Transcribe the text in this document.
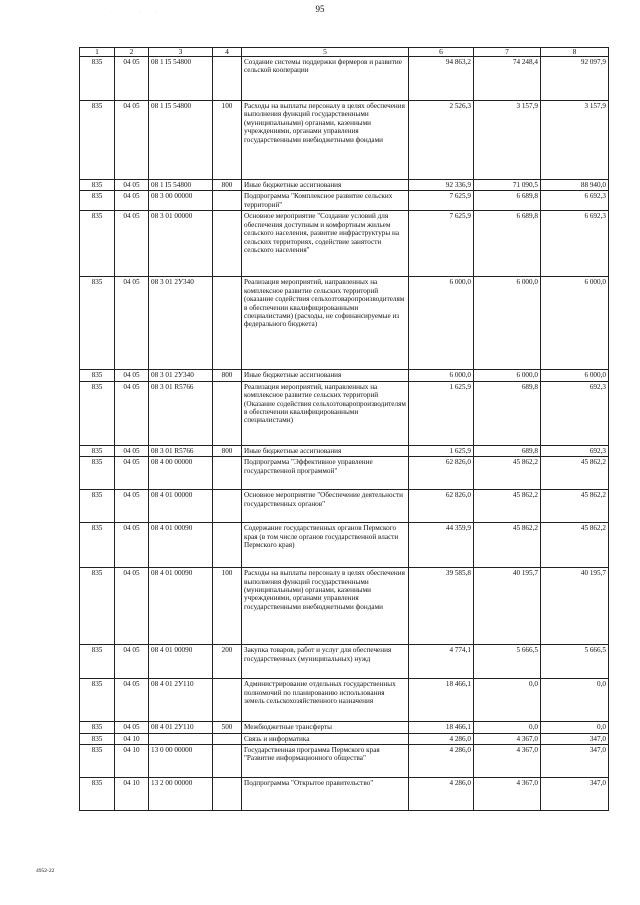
· · · ·	95
1	2	3	4	5	6	7	8
835	04 05	08 1 I5 54800		Создание системы поддержки фермеров и развитие сельской кооперации	94 863,2	74 248,4	92 097,9
835	04 05	08 1 I5 54800	100	Расходы на выплаты персоналу в целях обеспечения выполнения функций государственными (муниципальными) органами, казенными учреждениями, органами управления государственными внебюджетными фондами	2 526,3	3 157,9	3 157,9
835	04 05	08 1 I5 54800	800	Иные бюджетные ассигнования	92 336,9	71 090,5	88 940,0
835	04 05	08 3 00 00000		Подпрограмма "Комплексное развитие сельских территорий"	7 625,9	6 689,8	6 692,3
835	04 05	08 3 01 00000		Основное мероприятие "Создание условий для обеспечения доступным и комфортным жильем сельского населения, развитие инфраструктуры на сельских территориях, содействие занятости сельского населения"	7 625,9	6 689,8	6 692,3
835	04 05	08 3 01 2У340		Реализация мероприятий, направленных на комплексное развитие сельских территорий (оказание содействия сельхозтоваропроизводителям в обеспечении квалифицированными специалистами) (расходы, не софинансируемые из федерального бюджета)	6 000,0	6 000,0	6 000,0
835	04 05	08 3 01 2У340	800	Иные бюджетные ассигнования	6 000,0	6 000,0	6 000,0
835	04 05	08 3 01 R5766		Реализация мероприятий, направленных на комплексное развитие сельских территорий (Оказание содействия сельхозтоваропроизводителям в обеспечении квалифицированными специалистами)	1 625,9	689,8	692,3
835	04 05	08 3 01 R5766	800	Иные бюджетные ассигнования	1 625,9	689,8	692,3
835	04 05	08 4 00 00000		Подпрограмма "Эффективное управление государственной программой"	62 826,0	45 862,2	45 862,2
835	04 05	08 4 01 00000		Основное мероприятие "Обеспечение деятельности государственных органов"	62 826,0	45 862,2	45 862,2
835	04 05	08 4 01 00090		Содержание государственных органов Пермского края (в том числе органов государственной власти Пермского края)	44 359,9	45 862,2	45 862,2
835	04 05	08 4 01 00090	100	Расходы на выплаты персоналу в целях обеспечения выполнения функций государственными (муниципальными) органами, казенными учреждениями, органами управления государственными внебюджетными фондами	39 585,8	40 195,7	40 195,7
835	04 05	08 4 01 00090	200	Закупка товаров, работ и услуг для обеспечения государственных (муниципальных) нужд	4 774,1	5 666,5	5 666,5
835	04 05	08 4 01 2У110		Администрирование отдельных государственных полномочий по планированию использования земель сельскохозяйственного назначения	18 466,1	0,0	0,0
835	04 05	08 4 01 2У110	500	Межбюджетные трансферты	18 466,1	0,0	0,0
835	04 10			Связь и информатика	4 286,0	4 367,0	347,0
835	04 10	13 0 00 00000		Государственная программа Пермского края "Развитие информационного общества"	4 286,0	4 367,0	347,0
835	04 10	13 2 00 00000		Подпрограмма "Открытое правительство"	4 286,0	4 367,0	347,0
4952-22
